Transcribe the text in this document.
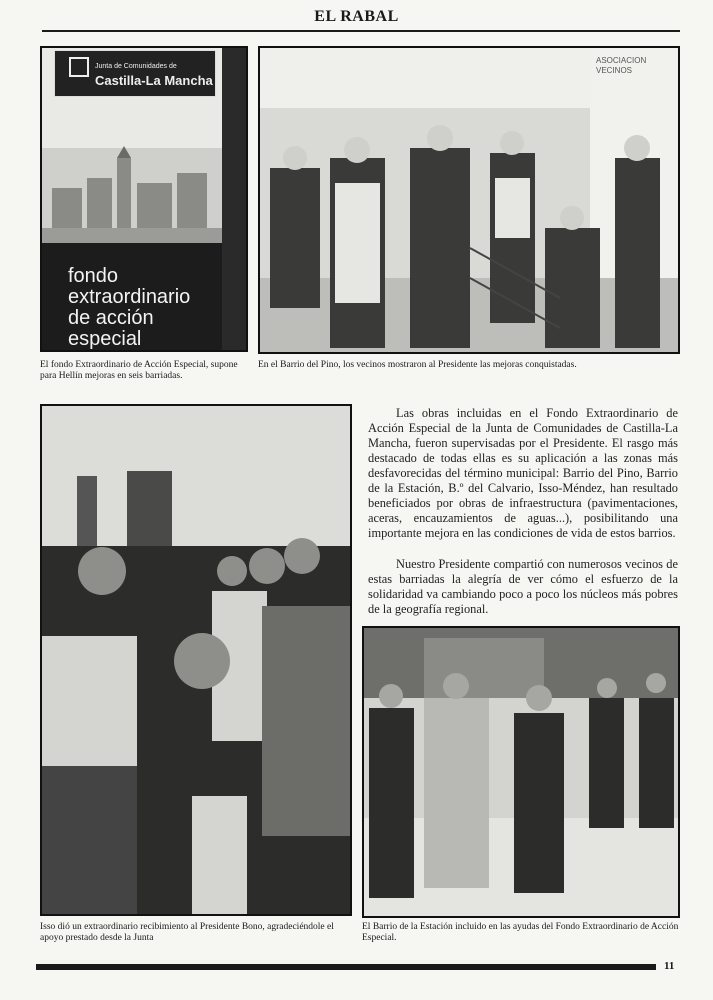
EL RABAL
Junta de Comunidades de
Castilla-La Mancha
fondo
extraordinario
de acción
especial
ASOCIACION
VECINOS
El fondo Extraordinario de Acción Especial, supone para Hellín mejoras en seis barriadas.
En el Barrio del Pino, los vecinos mostraron al Presidente las mejoras conquistadas.

Las obras incluidas en el Fondo Extraordinario de Acción Especial de la Junta de Comunidades de Castilla-La Mancha, fueron supervisadas por el Presidente. El rasgo más destacado de todas ellas es su aplicación a las zonas más desfavorecidas del término municipal: Barrio del Pino, Barrio de la Estación, B.º del Calvario, Isso-Méndez, han resultado beneficiados por obras de infraestructura (pavimentaciones, aceras, encauzamientos de aguas...), posibilitando una importante mejora en las condiciones de vida de estos barrios.

Nuestro Presidente compartió con numerosos vecinos de estas barriadas la alegría de ver cómo el esfuerzo de la solidaridad va cambiando poco a poco los núcleos más pobres de la geografía regional.

Isso dió un extraordinario recibimiento al Presidente Bono, agradeciéndole el apoyo prestado desde la Junta
El Barrio de la Estación incluido en las ayudas del Fondo Extraordinario de Acción Especial.
11
